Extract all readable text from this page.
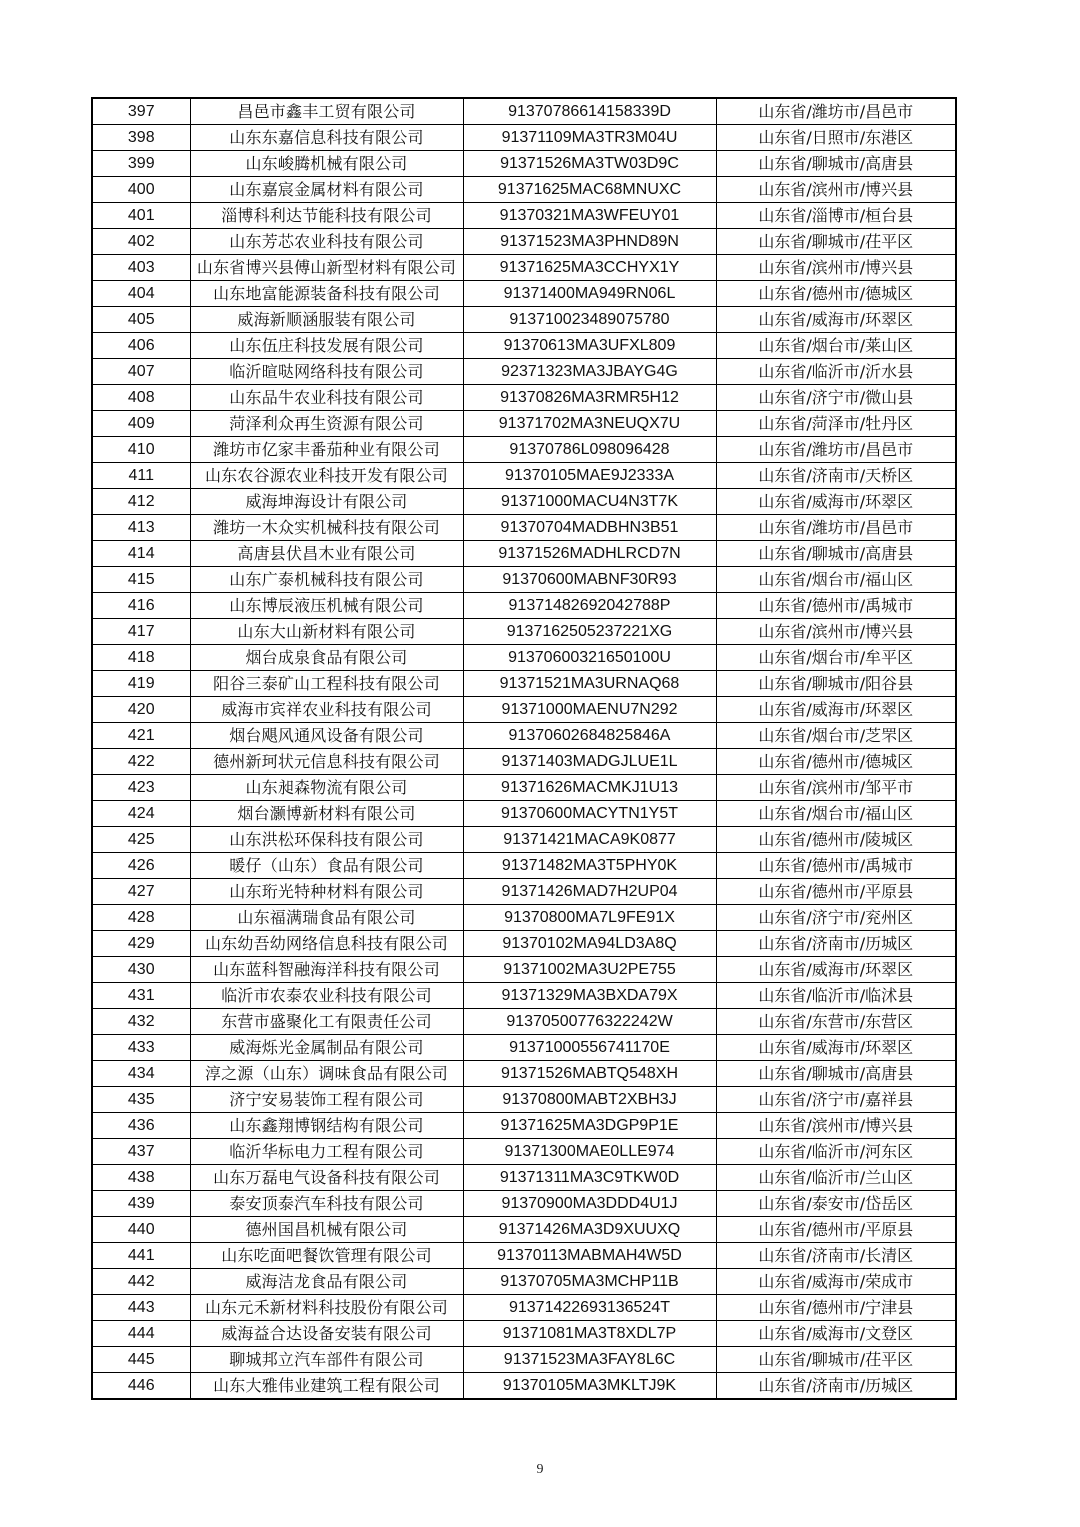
397	昌邑市鑫丰工贸有限公司	91370786614158339D	山东省/潍坊市/昌邑市
398	山东东嘉信息科技有限公司	91371109MA3TR3M04U	山东省/日照市/东港区
399	山东峻腾机械有限公司	91371526MA3TW03D9C	山东省/聊城市/高唐县
400	山东嘉宸金属材料有限公司	91371625MAC68MNUXC	山东省/滨州市/博兴县
401	淄博科利达节能科技有限公司	91370321MA3WFEUY01	山东省/淄博市/桓台县
402	山东芳芯农业科技有限公司	91371523MA3PHND89N	山东省/聊城市/茌平区
403	山东省博兴县傅山新型材料有限公司	91371625MA3CCHYX1Y	山东省/滨州市/博兴县
404	山东地富能源装备科技有限公司	91371400MA949RN06L	山东省/德州市/德城区
405	威海新顺涵服装有限公司	913710023489075780	山东省/威海市/环翠区
406	山东伍庄科技发展有限公司	91370613MA3UFXL809	山东省/烟台市/莱山区
407	临沂暄哒网络科技有限公司	92371323MA3JBAYG4G	山东省/临沂市/沂水县
408	山东品牛农业科技有限公司	91370826MA3RMR5H12	山东省/济宁市/微山县
409	菏泽利众再生资源有限公司	91371702MA3NEUQX7U	山东省/菏泽市/牡丹区
410	潍坊市亿家丰番茄种业有限公司	91370786L098096428	山东省/潍坊市/昌邑市
411	山东农谷源农业科技开发有限公司	91370105MAE9J2333A	山东省/济南市/天桥区
412	威海坤海设计有限公司	91371000MACU4N3T7K	山东省/威海市/环翠区
413	潍坊一木众实机械科技有限公司	91370704MADBHN3B51	山东省/潍坊市/昌邑市
414	高唐县伏昌木业有限公司	91371526MADHLRCD7N	山东省/聊城市/高唐县
415	山东广泰机械科技有限公司	91370600MABNF30R93	山东省/烟台市/福山区
416	山东博辰液压机械有限公司	91371482692042788P	山东省/德州市/禹城市
417	山东大山新材料有限公司	9137162505237221XG	山东省/滨州市/博兴县
418	烟台成泉食品有限公司	91370600321650100U	山东省/烟台市/牟平区
419	阳谷三泰矿山工程科技有限公司	91371521MA3URNAQ68	山东省/聊城市/阳谷县
420	威海市宾祥农业科技有限公司	91371000MAENU7N292	山东省/威海市/环翠区
421	烟台飓风通风设备有限公司	91370602684825846A	山东省/烟台市/芝罘区
422	德州新珂状元信息科技有限公司	91371403MADGJLUE1L	山东省/德州市/德城区
423	山东昶森物流有限公司	91371626MACMKJ1U13	山东省/滨州市/邹平市
424	烟台灏博新材料有限公司	91370600MACYTN1Y5T	山东省/烟台市/福山区
425	山东洪松环保科技有限公司	91371421MACA9K0877	山东省/德州市/陵城区
426	暖仔（山东）食品有限公司	91371482MA3T5PHY0K	山东省/德州市/禹城市
427	山东珩光特种材料有限公司	91371426MAD7H2UP04	山东省/德州市/平原县
428	山东福满瑞食品有限公司	91370800MA7L9FE91X	山东省/济宁市/兖州区
429	山东幼吾幼网络信息科技有限公司	91370102MA94LD3A8Q	山东省/济南市/历城区
430	山东蓝科智融海洋科技有限公司	91371002MA3U2PE755	山东省/威海市/环翠区
431	临沂市农泰农业科技有限公司	91371329MA3BXDA79X	山东省/临沂市/临沭县
432	东营市盛聚化工有限责任公司	91370500776322242W	山东省/东营市/东营区
433	威海烁光金属制品有限公司	91371000556741170E	山东省/威海市/环翠区
434	淳之源（山东）调味食品有限公司	91371526MABTQ548XH	山东省/聊城市/高唐县
435	济宁安易装饰工程有限公司	91370800MABT2XBH3J	山东省/济宁市/嘉祥县
436	山东鑫翔博钢结构有限公司	91371625MA3DGP9P1E	山东省/滨州市/博兴县
437	临沂华标电力工程有限公司	91371300MAE0LLE974	山东省/临沂市/河东区
438	山东万磊电气设备科技有限公司	91371311MA3C9TKW0D	山东省/临沂市/兰山区
439	泰安顶泰汽车科技有限公司	91370900MA3DDD4U1J	山东省/泰安市/岱岳区
440	德州国昌机械有限公司	91371426MA3D9XUUXQ	山东省/德州市/平原县
441	山东吃面吧餐饮管理有限公司	91370113MABMAH4W5D	山东省/济南市/长清区
442	威海洁龙食品有限公司	91370705MA3MCHP11B	山东省/威海市/荣成市
443	山东元禾新材料科技股份有限公司	91371422693136524T	山东省/德州市/宁津县
444	威海益合达设备安装有限公司	91371081MA3T8XDL7P	山东省/威海市/文登区
445	聊城邦立汽车部件有限公司	91371523MA3FAY8L6C	山东省/聊城市/茌平区
446	山东大雅伟业建筑工程有限公司	91370105MA3MKLTJ9K	山东省/济南市/历城区
9
